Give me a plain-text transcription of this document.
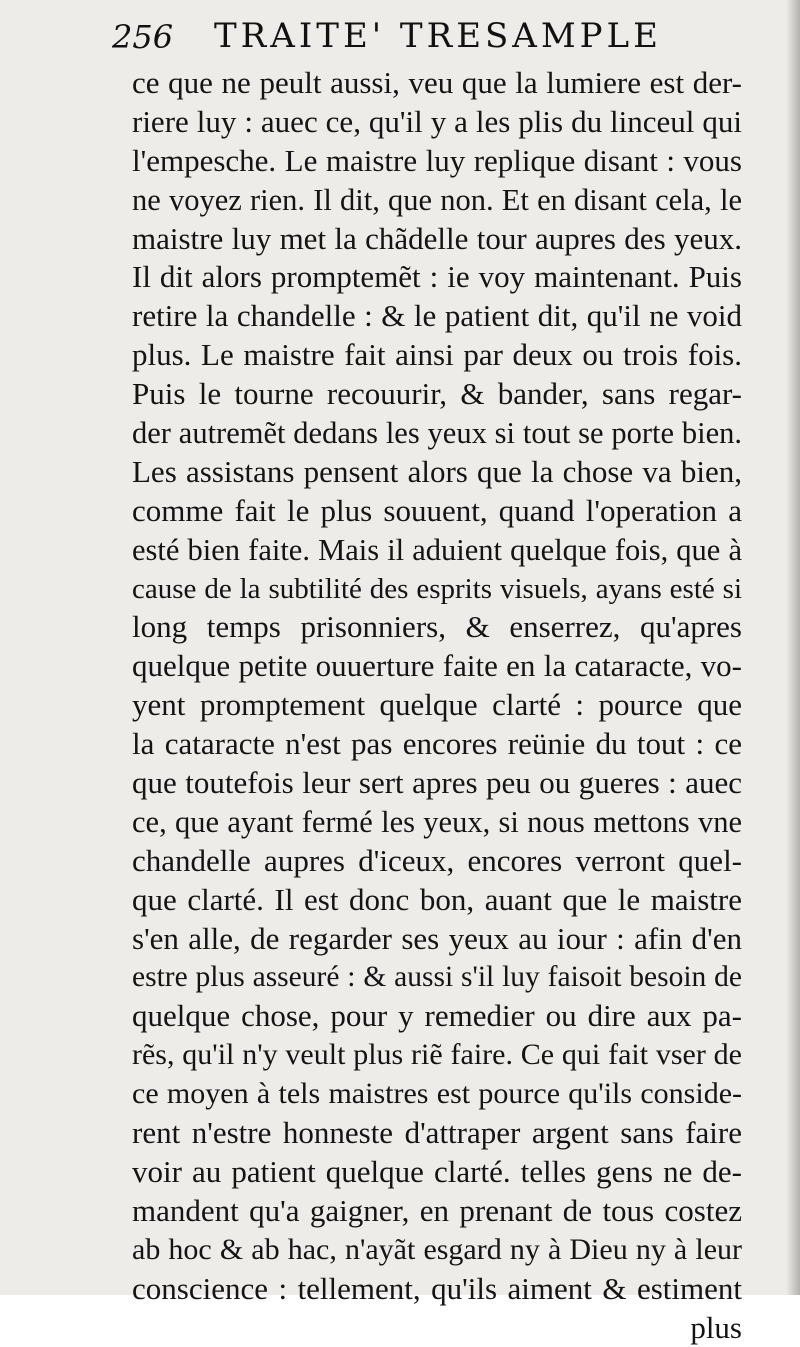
256 TRAITE' TRESAMPLE
ce que ne peult aussi, veu que la lumiere est der-
riere luy : auec ce, qu'il y a les plis du linceul qui
l'empesche. Le maistre luy replique disant : vous
ne voyez rien. Il dit, que non. Et en disant cela, le
maistre luy met la chãdelle tour aupres des yeux.
Il dit alors promptemẽt : ie voy maintenant. Puis
retire la chandelle : & le patient dit, qu'il ne void
plus. Le maistre fait ainsi par deux ou trois fois.
Puis le tourne recouurir, & bander, sans regar-
der autremẽt dedans les yeux si tout se porte bien.
Les assistans pensent alors que la chose va bien,
comme fait le plus souuent, quand l'operation a
esté bien faite. Mais il aduient quelque fois, que à
cause de la subtilité des esprits visuels, ayans esté si
long temps prisonniers, & enserrez, qu'apres
quelque petite ouuerture faite en la cataracte, vo-
yent promptement quelque clarté : pource que
la cataracte n'est pas encores reünie du tout : ce
que toutefois leur sert apres peu ou gueres : auec
ce, que ayant fermé les yeux, si nous mettons vne
chandelle aupres d'iceux, encores verront quel-
que clarté. Il est donc bon, auant que le maistre
s'en alle, de regarder ses yeux au iour : afin d'en
estre plus asseuré : & aussi s'il luy faisoit besoin de
quelque chose, pour y remedier ou dire aux pa-
rẽs, qu'il n'y veult plus riẽ faire. Ce qui fait vser de
ce moyen à tels maistres est pource qu'ils conside-
rent n'estre honneste d'attraper argent sans faire
voir au patient quelque clarté. telles gens ne de-
mandent qu'a gaigner, en prenant de tous costez
ab hoc & ab hac, n'ayãt esgard ny à Dieu ny à leur
conscience : tellement, qu'ils aiment & estiment
plus
